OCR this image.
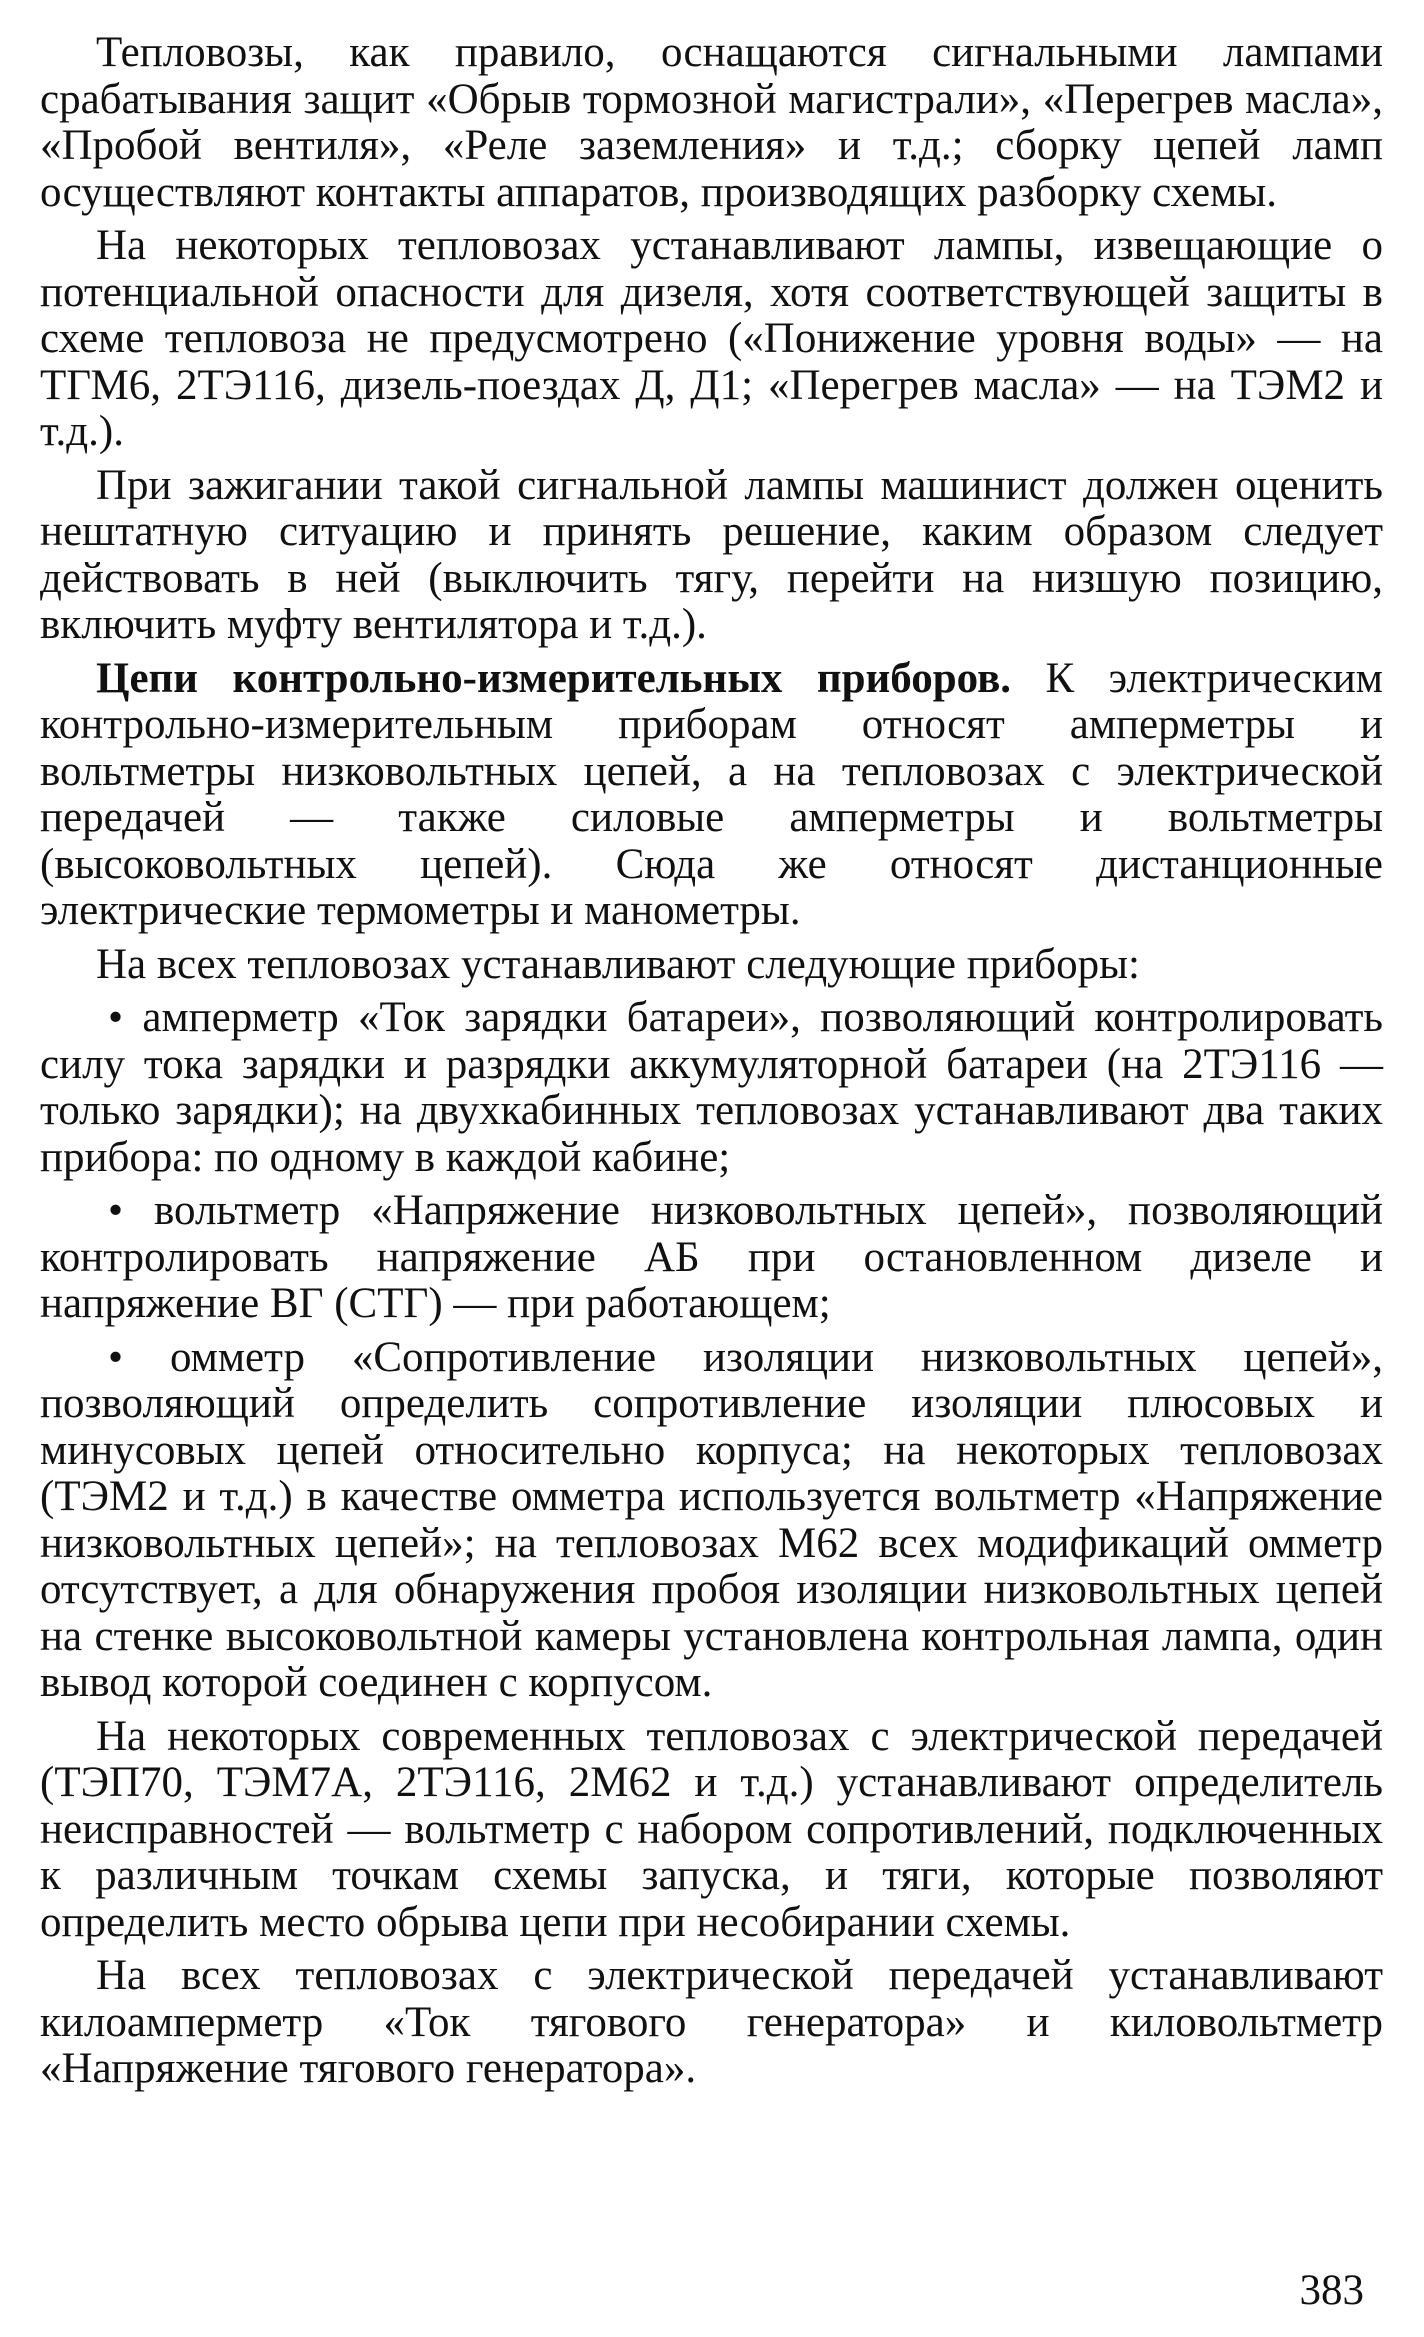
Тепловозы, как правило, оснащаются сигнальными лампами срабатывания защит «Обрыв тормозной магистрали», «Перегрев масла», «Пробой вентиля», «Реле заземления» и т.д.; сборку цепей ламп осуществляют контакты аппаратов, производящих разборку схемы.

На некоторых тепловозах устанавливают лампы, извещающие о потенциальной опасности для дизеля, хотя соответствующей защиты в схеме тепловоза не предусмотрено («Понижение уровня воды» — на ТГМ6, 2ТЭ116, дизель-поездах Д, Д1; «Перегрев масла» — на ТЭМ2 и т.д.).

При зажигании такой сигнальной лампы машинист должен оценить нештатную ситуацию и принять решение, каким образом следует действовать в ней (выключить тягу, перейти на низшую позицию, включить муфту вентилятора и т.д.).

Цепи контрольно-измерительных приборов. К электрическим контрольно-измерительным приборам относят амперметры и вольтметры низковольтных цепей, а на тепловозах с электрической передачей — также силовые амперметры и вольтметры (высоковольтных цепей). Сюда же относят дистанционные электрические термометры и манометры.

На всех тепловозах устанавливают следующие приборы:

• амперметр «Ток зарядки батареи», позволяющий контролировать силу тока зарядки и разрядки аккумуляторной батареи (на 2ТЭ116 — только зарядки); на двухкабинных тепловозах устанавливают два таких прибора: по одному в каждой кабине;

• вольтметр «Напряжение низковольтных цепей», позволяющий контролировать напряжение АБ при остановленном дизеле и напряжение ВГ (СТГ) — при работающем;

• омметр «Сопротивление изоляции низковольтных цепей», позволяющий определить сопротивление изоляции плюсовых и минусовых цепей относительно корпуса; на некоторых тепловозах (ТЭМ2 и т.д.) в качестве омметра используется вольтметр «Напряжение низковольтных цепей»; на тепловозах М62 всех модификаций омметр отсутствует, а для обнаружения пробоя изоляции низковольтных цепей на стенке высоковольтной камеры установлена контрольная лампа, один вывод которой соединен с корпусом.

На некоторых современных тепловозах с электрической передачей (ТЭП70, ТЭМ7А, 2ТЭ116, 2М62 и т.д.) устанавливают определитель неисправностей — вольтметр с набором сопротивлений, подключенных к различным точкам схемы запуска, и тяги, которые позволяют определить место обрыва цепи при несобирании схемы.

На всех тепловозах с электрической передачей устанавливают килоамперметр «Ток тягового генератора» и киловольтметр «Напряжение тягового генератора».

383
